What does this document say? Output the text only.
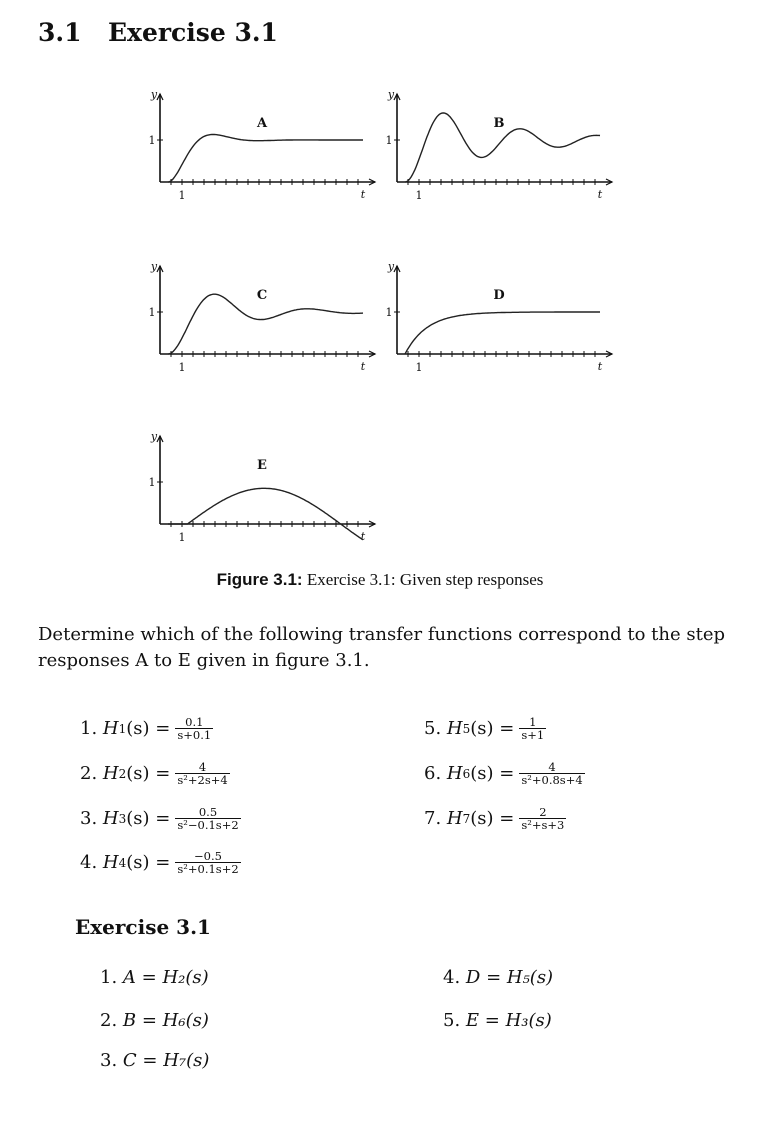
3.1 Exercise 3.1
y
1
1	t
A
y
1
1	t
B
y
1
1	t
C
y
1
1	t
D
y
1
1	t
E
Figure 3.1: Exercise 3.1: Given step responses
Determine which of the following transfer functions correspond to the step responses A to E given in figure 3.1.
1.
H 1 $(s) = \frac{0.1}{s+0.1}$
2.
H 2 $(s) = \frac{4}{\text{s²+2s+4}}$
3.
H 3 $(s) = \frac{0.5}{\text{s²−0.1s+2}}$
4.
H 4 $(s) = \frac{-0.5}{\text{s²+0.1s+2}}$
5.
H 5 $(s) = \frac{1}{s+1}$
6.
H 6 $(s) = \frac{4}{\text{s²+0.8s+4}}$
7.
H 7 $(s) = \frac{2}{\text{s²+s+3}}$
Exercise 3.1
1. A = H₂(s)
2. B = H₆(s)
3. C = H₇(s)
4. D = H₅(s)
5. E = H₃(s)
